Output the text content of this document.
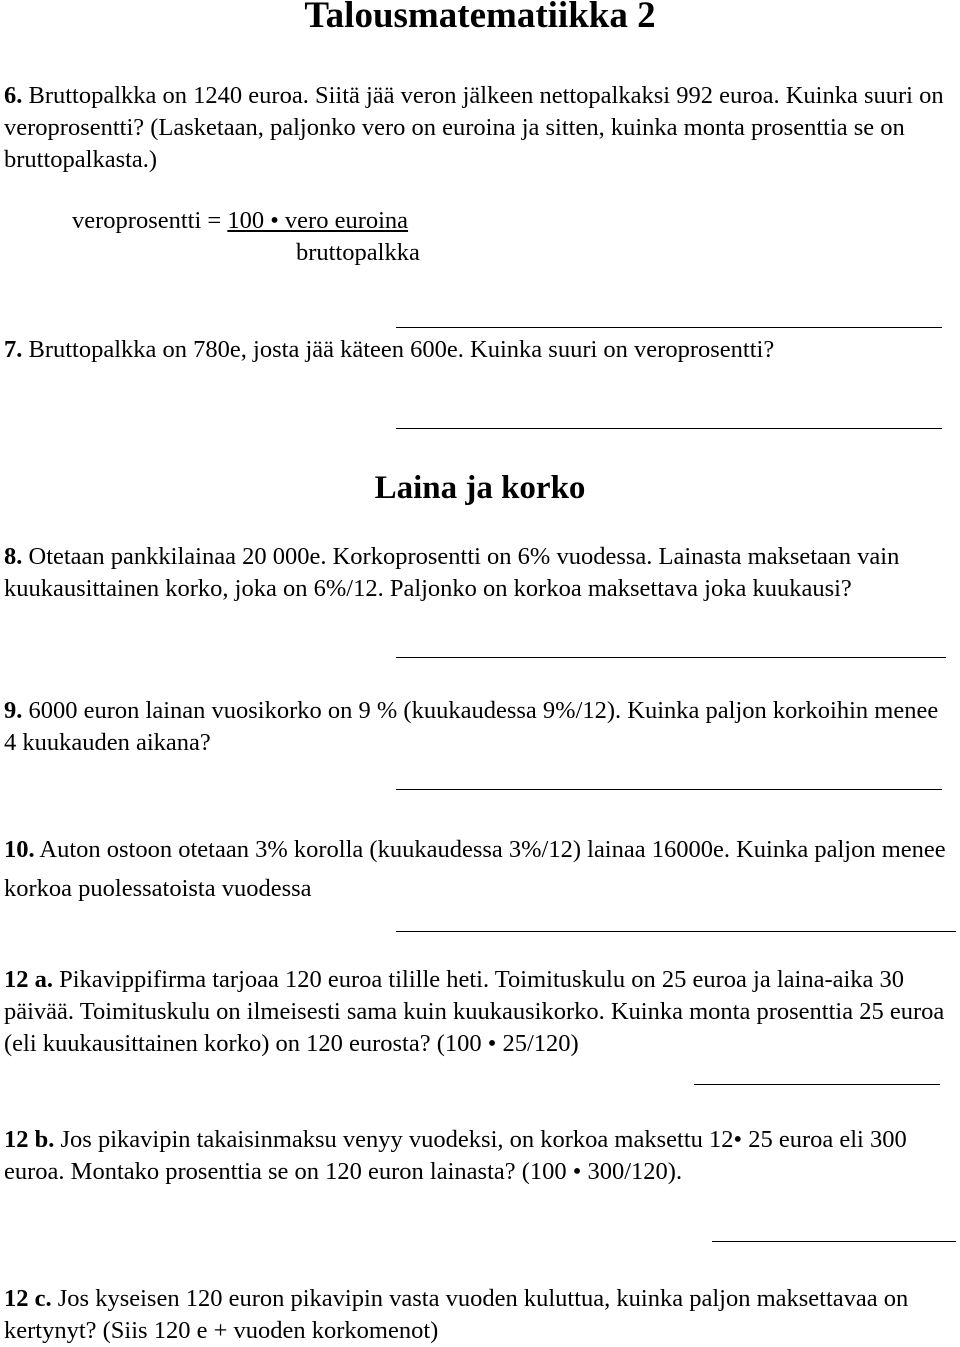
Talousmatematiikka 2

6. Bruttopalkka on 1240 euroa. Siitä jää veron jälkeen nettopalkaksi 992 euroa. Kuinka suuri on veroprosentti? (Lasketaan, paljonko vero on euroina ja sitten, kuinka monta prosenttia se on bruttopalkasta.)

veroprosentti = 100 • vero euroina

bruttopalkka

7. Bruttopalkka on 780e, josta jää käteen 600e. Kuinka suuri on veroprosentti?

Laina ja korko

8. Otetaan pankkilainaa 20 000e. Korkoprosentti on 6% vuodessa. Lainasta maksetaan vain kuukausittainen korko, joka on 6%/12. Paljonko on korkoa maksettava joka kuukausi?

9. 6000 euron lainan vuosikorko on 9 % (kuukaudessa 9%/12). Kuinka paljon korkoihin menee 4 kuukauden aikana?

10. Auton ostoon otetaan 3% korolla (kuukaudessa 3%/12) lainaa 16000e. Kuinka paljon menee korkoa puolessatoista vuodessa

12 a. Pikavippifirma tarjoaa 120 euroa tilille heti. Toimituskulu on 25 euroa ja laina-aika 30 päivää. Toimituskulu on ilmeisesti sama kuin kuukausikorko. Kuinka monta prosenttia 25 euroa (eli kuukausittainen korko) on 120 eurosta? (100 • 25/120)

12 b. Jos pikavipin takaisinmaksu venyy vuodeksi, on korkoa maksettu 12• 25 euroa eli 300 euroa. Montako prosenttia se on 120 euron lainasta? (100 • 300/120).

12 c. Jos kyseisen 120 euron pikavipin vasta vuoden kuluttua, kuinka paljon maksettavaa on kertynyt? (Siis 120 e + vuoden korkomenot)
